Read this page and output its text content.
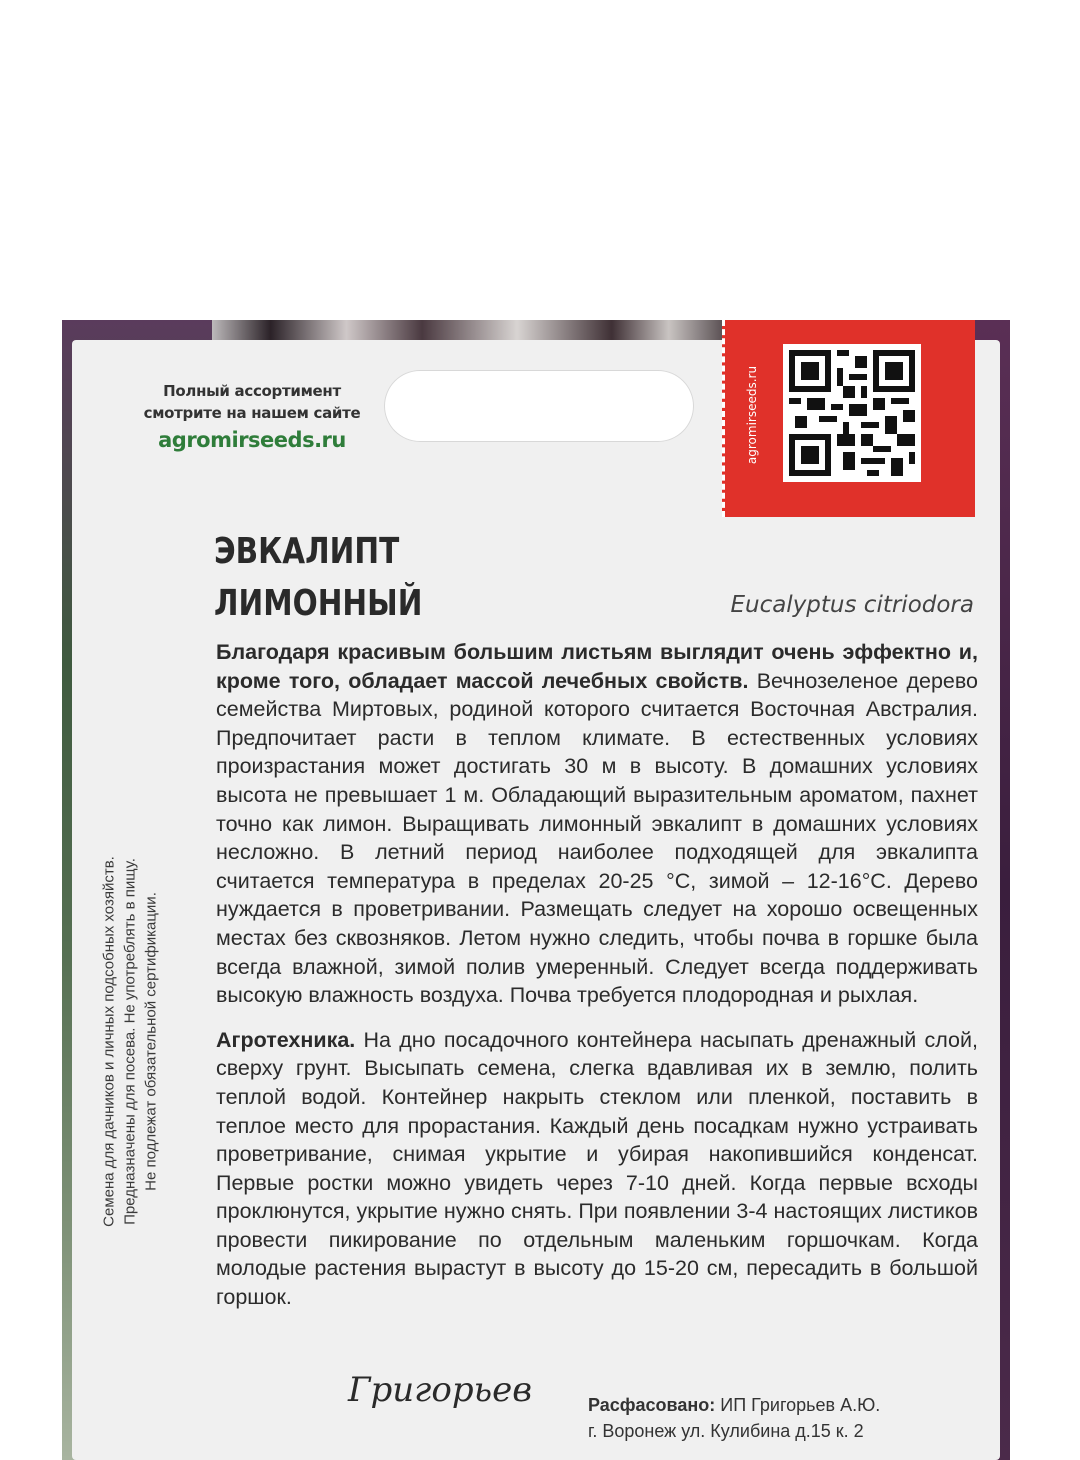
Полный ассортимент
смотрите на нашем сайте
agromirseeds.ru	agromirseeds.ru
ЭВКАЛИПТ
ЛИМОННЫЙ	Eucalyptus citriodora

Благодаря красивым большим листьям выглядит очень эффектно и, кроме того, обладает массой лечебных свойств. Вечнозеленое дерево семейства Миртовых, родиной которого считается Восточная Австралия. Предпочитает расти в теплом климате. В естественных условиях произрастания может достигать 30 м в высоту. В домашних условиях высота не превышает 1 м. Обладающий выразительным ароматом, пахнет точно как лимон. Выращивать лимонный эвкалипт в домашних условиях несложно. В летний период наиболее подходящей для эвкалипта считается температура в пределах 20-25 °C, зимой – 12-16°C. Дерево нуждается в проветривании. Размещать следует на хорошо освещенных местах без сквозняков. Летом нужно следить, чтобы почва в горшке была всегда влажной, зимой полив умеренный. Следует всегда поддерживать высокую влажность воздуха. Почва требуется плодородная и рыхлая.

Агротехника. На дно посадочного контейнера насыпать дренажный слой, сверху грунт. Высыпать семена, слегка вдавливая их в землю, полить теплой водой. Контейнер накрыть стеклом или пленкой, поставить в теплое место для прорастания. Каждый день посадкам нужно устраивать проветривание, снимая укрытие и убирая накопившийся конденсат. Первые ростки можно увидеть через 7-10 дней. Когда первые всходы проклюнутся, укрытие нужно снять. При появлении 3-4 настоящих листиков провести пикирование по отдельным маленьким горшочкам. Когда молодые растения вырастут в высоту до 15-20 см, пересадить в большой горшок.

Семена для дачников и личных подсобных хозяйств. Предназначены для посева. Не употреблять в пищу. Не подлежат обязательной сертификации.
Григорьев	Расфасовано: ИП Григорьев А.Ю.
г. Воронеж ул. Кулибина д.15 к. 2
